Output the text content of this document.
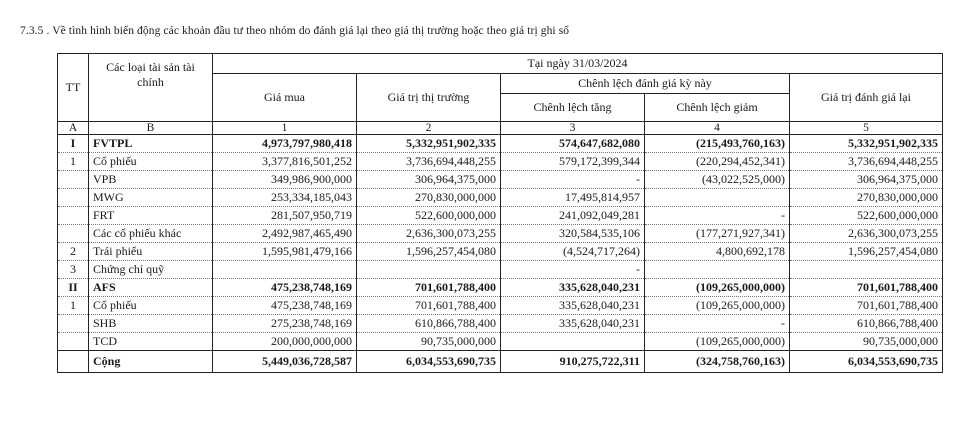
7.3.5 . Về tình hình biến động các khoản đầu tư theo nhóm do đánh giá lại theo giá thị trường hoặc theo giá trị ghi sổ
TT	Các loại tài sản tài chính	Tại ngày 31/03/2024				
		Giá mua	Giá trị thị trường	Chênh lệch đánh giá kỳ này		Giá trị đánh giá lại
				Chênh lệch tăng	Chênh lệch giảm	
A	B	1	2	3	4	5
I	FVTPL	4,973,797,980,418	5,332,951,902,335	574,647,682,080	(215,493,760,163)	5,332,951,902,335
1	Cổ phiếu	3,377,816,501,252	3,736,694,448,255	579,172,399,344	(220,294,452,341)	3,736,694,448,255
	VPB	349,986,900,000	306,964,375,000	-	(43,022,525,000)	306,964,375,000
	MWG	253,334,185,043	270,830,000,000	17,495,814,957		270,830,000,000
	FRT	281,507,950,719	522,600,000,000	241,092,049,281	-	522,600,000,000
	Các cổ phiếu khác	2,492,987,465,490	2,636,300,073,255	320,584,535,106	(177,271,927,341)	2,636,300,073,255
2	Trái phiếu	1,595,981,479,166	1,596,257,454,080	(4,524,717,264)	4,800,692,178	1,596,257,454,080
3	Chứng chỉ quỹ			-		
II	AFS	475,238,748,169	701,601,788,400	335,628,040,231	(109,265,000,000)	701,601,788,400
1	Cổ phiếu	475,238,748,169	701,601,788,400	335,628,040,231	(109,265,000,000)	701,601,788,400
	SHB	275,238,748,169	610,866,788,400	335,628,040,231	-	610,866,788,400
	TCD	200,000,000,000	90,735,000,000		(109,265,000,000)	90,735,000,000
	Cộng	5,449,036,728,587	6,034,553,690,735	910,275,722,311	(324,758,760,163)	6,034,553,690,735
